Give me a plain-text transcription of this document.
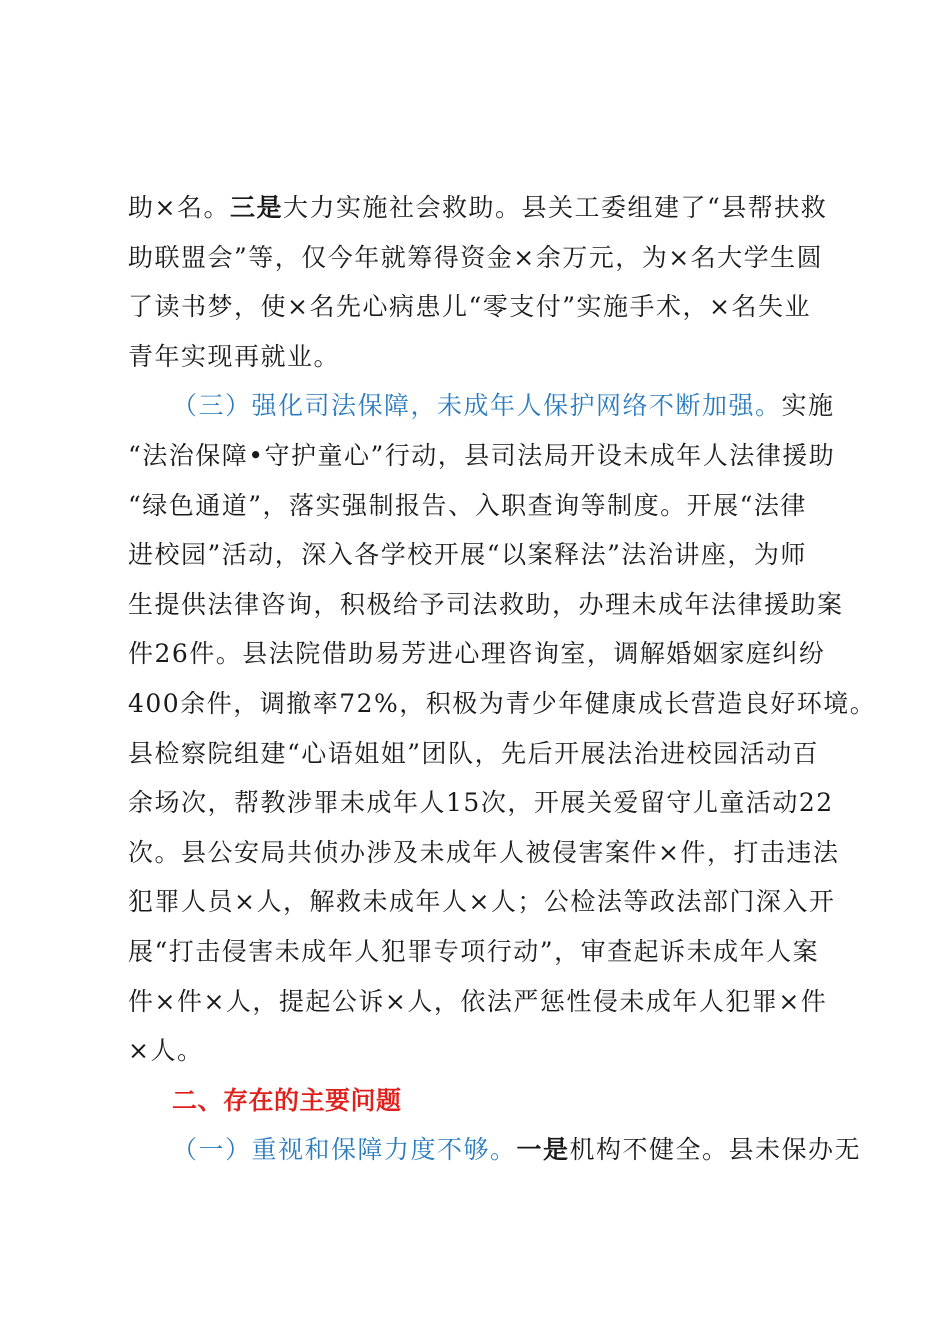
助×名。三是大力实施社会救助。县关工委组建了“县帮扶救
助联盟会”等，仅今年就筹得资金×余万元，为×名大学生圆
了读书梦，使×名先心病患儿“零支付”实施手术，×名失业
青年实现再就业。
（三）强化司法保障，未成年人保护网络不断加强。实施
“法治保障•守护童心”行动，县司法局开设未成年人法律援助
“绿色通道”，落实强制报告、入职查询等制度。开展“法律
进校园”活动，深入各学校开展“以案释法”法治讲座，为师
生提供法律咨询，积极给予司法救助，办理未成年法律援助案
件26件。县法院借助易芳进心理咨询室，调解婚姻家庭纠纷
400余件，调撤率72%，积极为青少年健康成长营造良好环境。
县检察院组建“心语姐姐”团队，先后开展法治进校园活动百
余场次，帮教涉罪未成年人15次，开展关爱留守儿童活动22
次。县公安局共侦办涉及未成年人被侵害案件×件，打击违法
犯罪人员×人，解救未成年人×人；公检法等政法部门深入开
展“打击侵害未成年人犯罪专项行动”，审查起诉未成年人案
件×件×人，提起公诉×人，依法严惩性侵未成年人犯罪×件
×人。
二、存在的主要问题
（一）重视和保障力度不够。一是机构不健全。县未保办无
